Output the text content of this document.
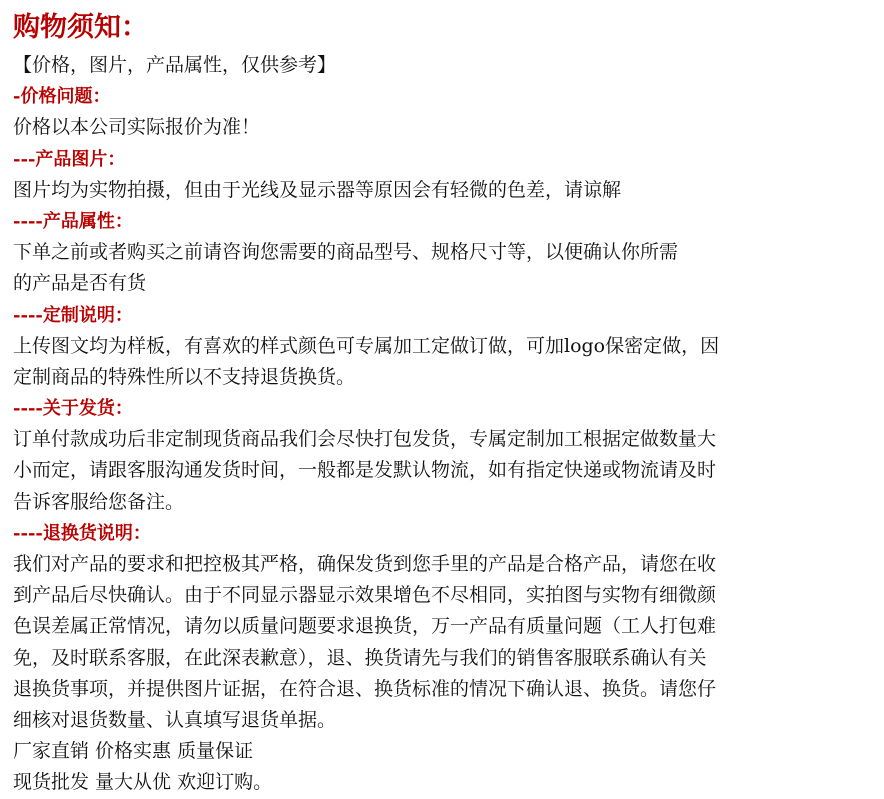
购物须知：
【价格，图片，产品属性，仅供参考】
-价格问题：
价格以本公司实际报价为准！
---产品图片：
图片均为实物拍摄，但由于光线及显示器等原因会有轻微的色差，请谅解
----产品属性：
下单之前或者购买之前请咨询您需要的商品型号、规格尺寸等，以便确认你所需
的产品是否有货
----定制说明：
上传图文均为样板，有喜欢的样式颜色可专属加工定做订做，可加logo保密定做，因
定制商品的特殊性所以不支持退货换货。
----关于发货：
订单付款成功后非定制现货商品我们会尽快打包发货，专属定制加工根据定做数量大
小而定，请跟客服沟通发货时间，一般都是发默认物流，如有指定快递或物流请及时
告诉客服给您备注。
----退换货说明：
我们对产品的要求和把控极其严格，确保发货到您手里的产品是合格产品，请您在收
到产品后尽快确认。由于不同显示器显示效果增色不尽相同，实拍图与实物有细微颜
色误差属正常情况，请勿以质量问题要求退换货，万一产品有质量问题（工人打包难
免，及时联系客服，在此深表歉意），退、换货请先与我们的销售客服联系确认有关
退换货事项，并提供图片证据，在符合退、换货标准的情况下确认退、换货。请您仔
细核对退货数量、认真填写退货单据。
厂家直销 价格实惠 质量保证
现货批发 量大从优 欢迎订购。
